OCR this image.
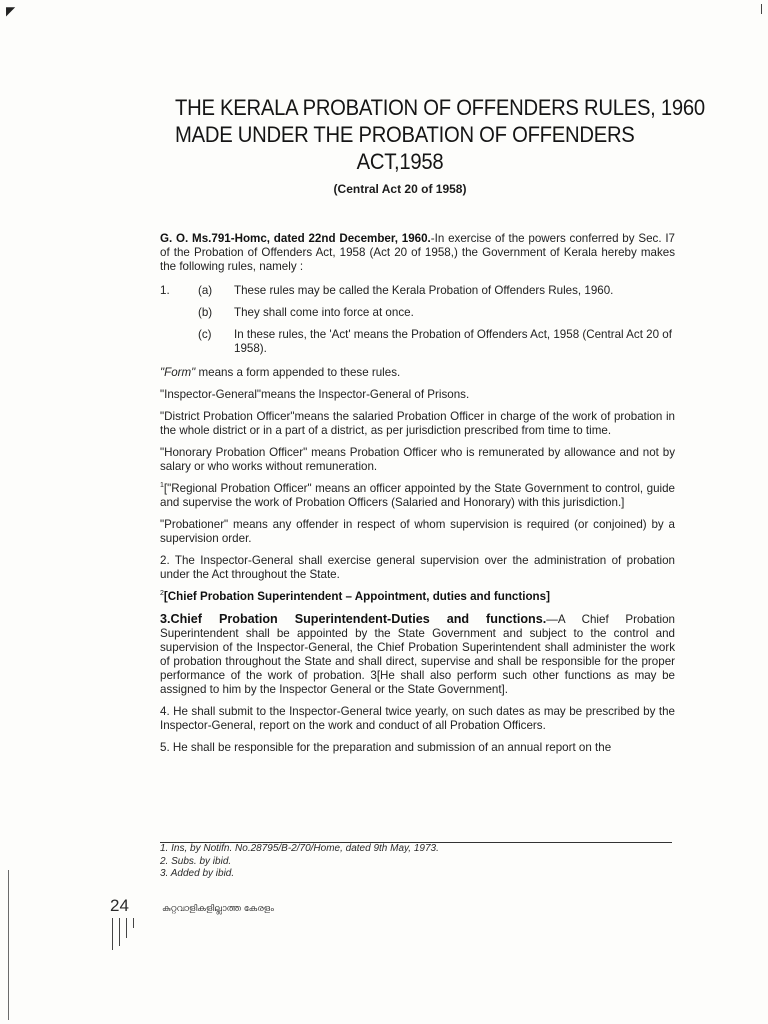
◤
THE KERALA PROBATION OF OFFENDERS RULES, 1960
MADE UNDER THE PROBATION OF OFFENDERS
ACT,1958
(Central Act 20 of 1958)

G. O. Ms.791-Homc, dated 22nd December, 1960.-In exercise of the powers conferred by Sec. I7 of the Probation of Offenders Act, 1958 (Act 20 of 1958,) the Government of Kerala hereby makes the following rules, namely :

1.	(a)	These rules may be called the Kerala Probation of Offenders Rules, 1960.
(b)	They shall come into force at once.
(c)	In these rules, the 'Act' means the Probation of Offenders Act, 1958 (Central Act 20 of 1958).

"Form" means a form appended to these rules.

"Inspector-General"means the Inspector-General of Prisons.

"District Probation Officer"means the salaried Probation Officer in charge of the work of probation in the whole district or in a part of a district, as per jurisdiction prescribed from time to time.

"Honorary Probation Officer" means Probation Officer who is remunerated by allowance and not by salary or who works without remuneration.

$^1$["Regional Probation Officer" means an officer appointed by the State Government to control, guide and supervise the work of Probation Officers (Salaried and Honorary) with this jurisdiction.]

"Probationer" means any offender in respect of whom supervision is required (or conjoined) by a supervision order.

2. The Inspector-General shall exercise general supervision over the administration of probation under the Act throughout the State.

$^2$[Chief Probation Superintendent – Appointment, duties and functions]

3.Chief Probation Superintendent-Duties and functions.—A Chief Probation Superintendent shall be appointed by the State Government and subject to the control and supervision of the Inspector-General, the Chief Probation Superintendent shall administer the work of probation throughout the State and shall direct, supervise and shall be responsible for the proper performance of the work of probation. 3[He shall also perform such other functions as may be assigned to him by the Inspector General or the State Government].

4. He shall submit to the Inspector-General twice yearly, on such dates as may be prescribed by the Inspector-General, report on the work and conduct of all Probation Officers.

5. He shall be responsible for the preparation and submission of an annual report on the

1. Ins, by Notifn. No.28795/B-2/70/Home, dated 9th May, 1973.
2. Subs. by ibid.
3. Added by ibid.
24	കുറ്റവാളികളില്ലാത്ത കേരളം
